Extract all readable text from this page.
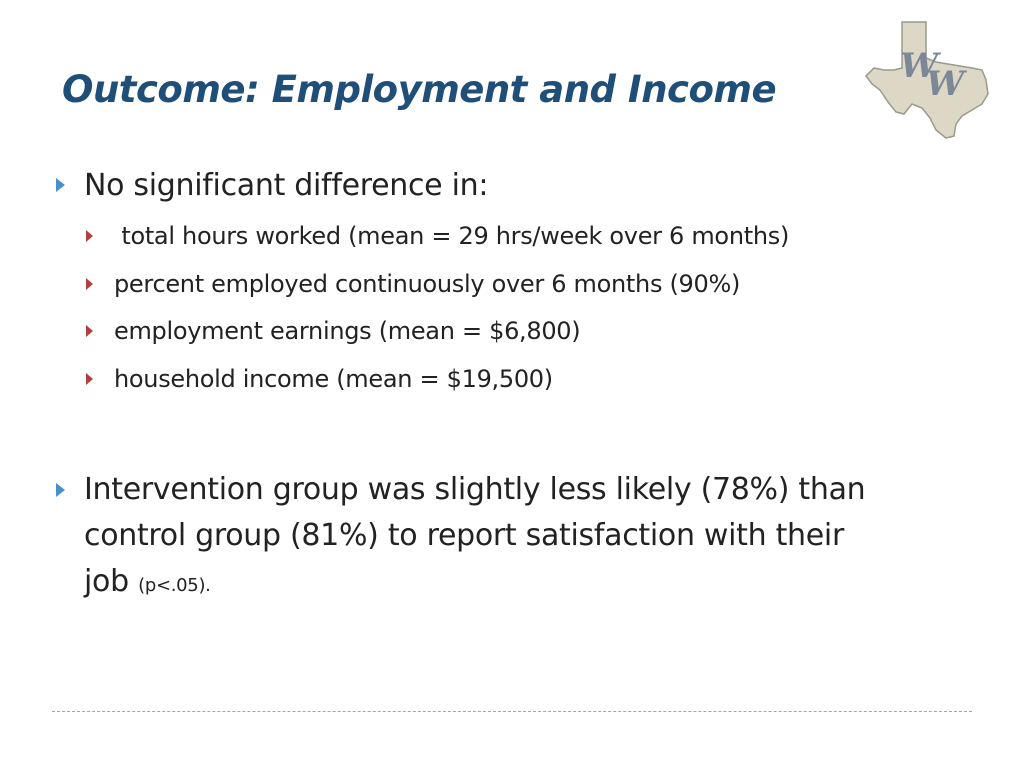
Outcome: Employment and Income
W
W
No significant difference in:
total hours worked (mean = 29 hrs/week over 6 months)
percent employed continuously over 6 months (90%)
employment earnings (mean = $6,800)
household income (mean = $19,500)
Intervention group was slightly less likely (78%) than
control group (81%) to report satisfaction with their
job (p<.05).
